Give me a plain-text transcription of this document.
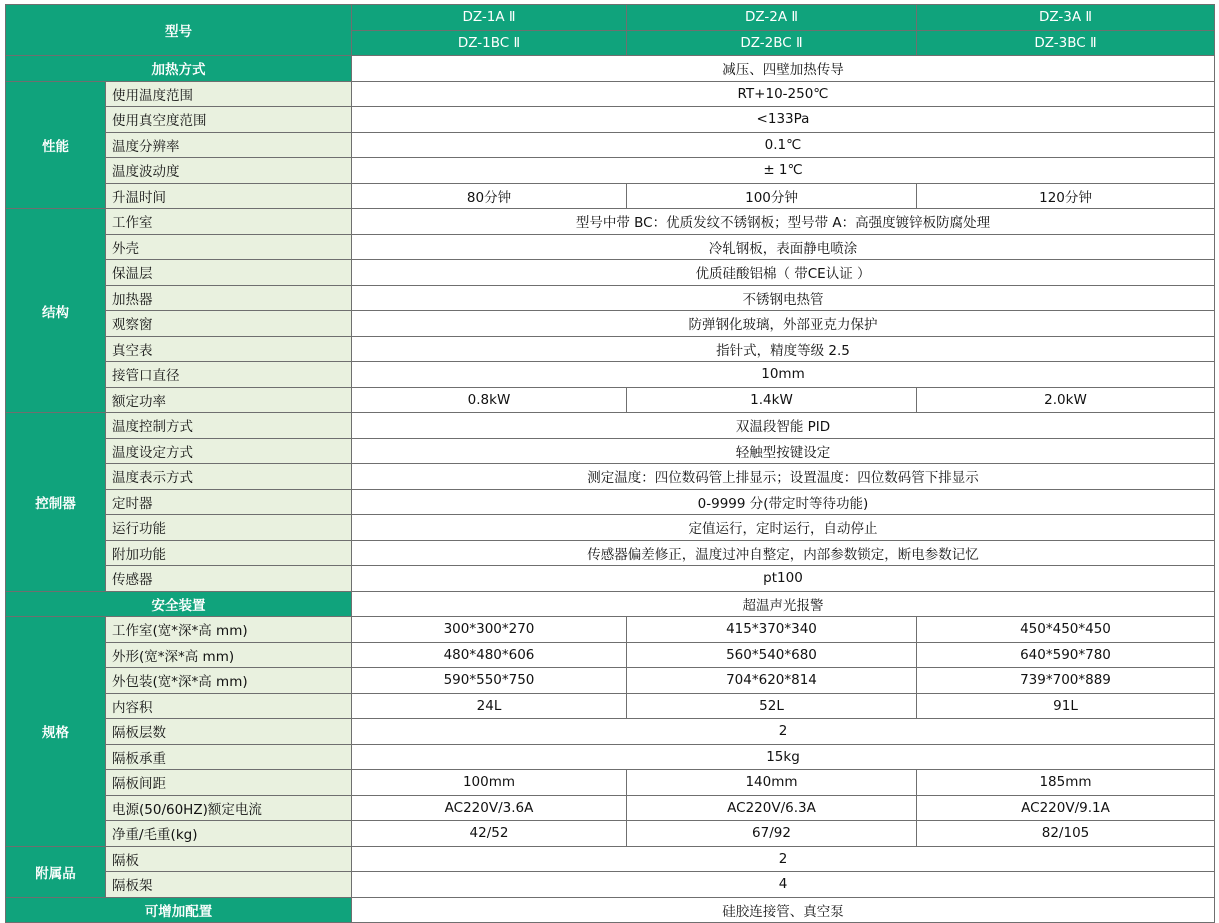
型号		DZ-1A Ⅱ	DZ-2A Ⅱ	DZ-3A Ⅱ
		DZ-1BC Ⅱ	DZ-2BC Ⅱ	DZ-3BC Ⅱ
加热方式		减压、四壁加热传导		
性能	使用温度范围	RT+10-250℃		
	使用真空度范围	<133Pa		
	温度分辨率	0.1℃		
	温度波动度	± 1℃		
	升温时间	80分钟	100分钟	120分钟
结构	工作室	型号中带 BC：优质发纹不锈钢板；型号带 A：高强度镀锌板防腐处理		
	外壳	冷轧钢板，表面静电喷涂		
	保温层	优质硅酸铝棉（ 带CE认证 ）		
	加热器	不锈钢电热管		
	观察窗	防弹钢化玻璃，外部亚克力保护		
	真空表	指针式，精度等级 2.5		
	接管口直径	10mm		
	额定功率	0.8kW	1.4kW	2.0kW
控制器	温度控制方式	双温段智能 PID		
	温度设定方式	轻触型按键设定		
	温度表示方式	测定温度：四位数码管上排显示；设置温度：四位数码管下排显示		
	定时器	0-9999 分(带定时等待功能)		
	运行功能	定值运行，定时运行，自动停止		
	附加功能	传感器偏差修正，温度过冲自整定，内部参数锁定，断电参数记忆		
	传感器	pt100		
安全装置		超温声光报警		
规格	工作室(宽*深*高 mm)	300*300*270	415*370*340	450*450*450
	外形(宽*深*高 mm)	480*480*606	560*540*680	640*590*780
	外包装(宽*深*高 mm)	590*550*750	704*620*814	739*700*889
	内容积	24L	52L	91L
	隔板层数	2		
	隔板承重	15kg		
	隔板间距	100mm	140mm	185mm
	电源(50/60HZ)额定电流	AC220V/3.6A	AC220V/6.3A	AC220V/9.1A
	净重/毛重(kg)	42/52	67/92	82/105
附属品	隔板	2		
	隔板架	4		
可增加配置		硅胶连接管、真空泵		
